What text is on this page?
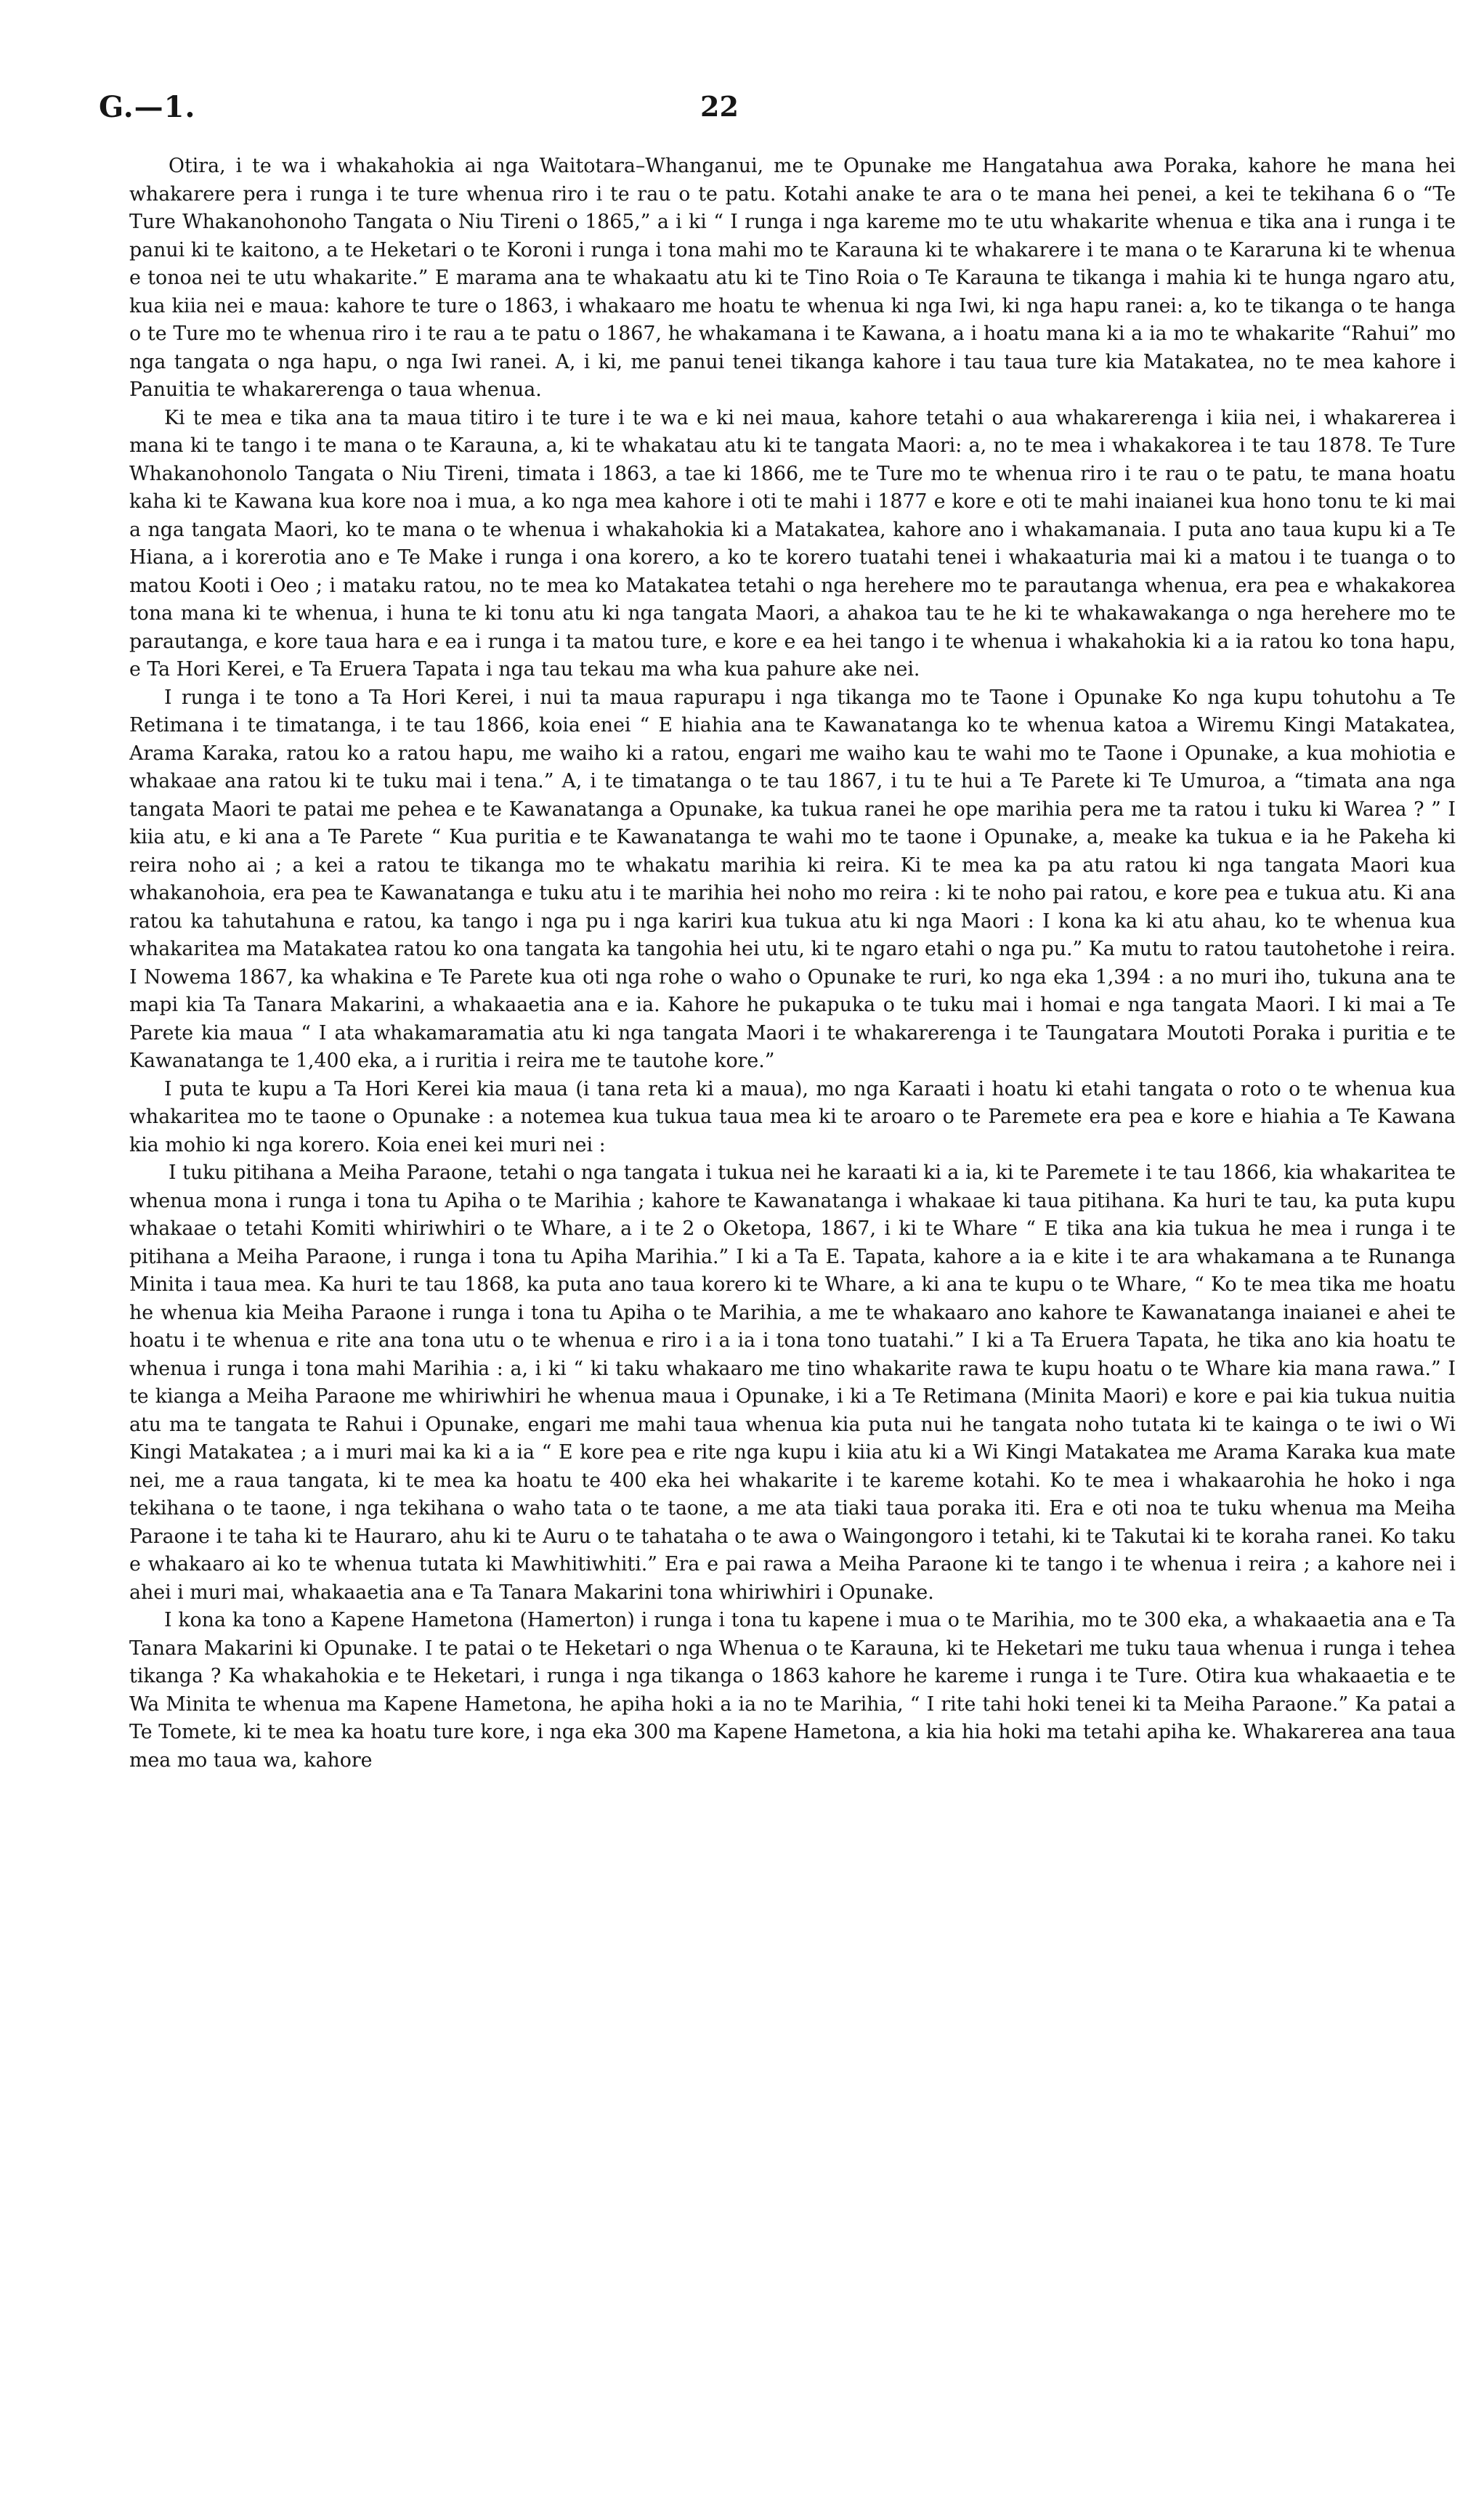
G.—1.	22

Otira, i te wa i whakahokia ai nga Waitotara–Whanganui, me te Opunake me Hangatahua awa Poraka, kahore he mana hei whakarere pera i runga i te ture whenua riro i te rau o te patu. Kotahi anake te ara o te mana hei penei, a kei te tekihana 6 o “Te Ture Whakanohonoho Tangata o Niu Tireni o 1865,” a i ki “ I runga i nga kareme mo te utu whakarite whenua e tika ana i runga i te panui ki te kaitono, a te Heketari o te Koroni i runga i tona mahi mo te Karauna ki te whakarere i te mana o te Kararuna ki te whenua e tonoa nei te utu whakarite.” E marama ana te whakaatu atu ki te Tino Roia o Te Karauna te tikanga i mahia ki te hunga ngaro atu, kua kiia nei e maua: kahore te ture o 1863, i whakaaro me hoatu te whenua ki nga Iwi, ki nga hapu ranei: a, ko te tikanga o te hanga o te Ture mo te whenua riro i te rau a te patu o 1867, he whakamana i te Kawana, a i hoatu mana ki a ia mo te whakarite “Rahui” mo nga tangata o nga hapu, o nga Iwi ranei. A, i ki, me panui tenei tikanga kahore i tau taua ture kia Matakatea, no te mea kahore i Panuitia te whakarerenga o taua whenua.

Ki te mea e tika ana ta maua titiro i te ture i te wa e ki nei maua, kahore tetahi o aua whakarerenga i kiia nei, i whakarerea i mana ki te tango i te mana o te Karauna, a, ki te whakatau atu ki te tangata Maori: a, no te mea i whakakorea i te tau 1878. Te Ture Whakanohonolo Tangata o Niu Tireni, timata i 1863, a tae ki 1866, me te Ture mo te whenua riro i te rau o te patu, te mana hoatu kaha ki te Kawana kua kore noa i mua, a ko nga mea kahore i oti te mahi i 1877 e kore e oti te mahi inaianei kua hono tonu te ki mai a nga tangata Maori, ko te mana o te whenua i whakahokia ki a Matakatea, kahore ano i whakamanaia. I puta ano taua kupu ki a Te Hiana, a i korerotia ano e Te Make i runga i ona korero, a ko te korero tuatahi tenei i whakaaturia mai ki a matou i te tuanga o to matou Kooti i Oeo ; i mataku ratou, no te mea ko Matakatea tetahi o nga herehere mo te parautanga whenua, era pea e whakakorea tona mana ki te whenua, i huna te ki tonu atu ki nga tangata Maori, a ahakoa tau te he ki te whakawakanga o nga herehere mo te parautanga, e kore taua hara e ea i runga i ta matou ture, e kore e ea hei tango i te whenua i whakahokia ki a ia ratou ko tona hapu, e Ta Hori Kerei, e Ta Eruera Tapata i nga tau tekau ma wha kua pahure ake nei.

I runga i te tono a Ta Hori Kerei, i nui ta maua rapurapu i nga tikanga mo te Taone i Opunake Ko nga kupu tohutohu a Te Retimana i te timatanga, i te tau 1866, koia enei “ E hiahia ana te Kawanatanga ko te whenua katoa a Wiremu Kingi Matakatea, Arama Karaka, ratou ko a ratou hapu, me waiho ki a ratou, engari me waiho kau te wahi mo te Taone i Opunake, a kua mohiotia e whakaae ana ratou ki te tuku mai i tena.” A, i te timatanga o te tau 1867, i tu te hui a Te Parete ki Te Umuroa, a “timata ana nga tangata Maori te patai me pehea e te Kawanatanga a Opunake, ka tukua ranei he ope marihia pera me ta ratou i tuku ki Warea ? ” I kiia atu, e ki ana a Te Parete “ Kua puritia e te Kawanatanga te wahi mo te taone i Opunake, a, meake ka tukua e ia he Pakeha ki reira noho ai ; a kei a ratou te tikanga mo te whakatu marihia ki reira. Ki te mea ka pa atu ratou ki nga tangata Maori kua whakanohoia, era pea te Kawanatanga e tuku atu i te marihia hei noho mo reira : ki te noho pai ratou, e kore pea e tukua atu. Ki ana ratou ka tahutahuna e ratou, ka tango i nga pu i nga kariri kua tukua atu ki nga Maori : I kona ka ki atu ahau, ko te whenua kua whakaritea ma Matakatea ratou ko ona tangata ka tangohia hei utu, ki te ngaro etahi o nga pu.” Ka mutu to ratou tautohetohe i reira. I Nowema 1867, ka whakina e Te Parete kua oti nga rohe o waho o Opunake te ruri, ko nga eka 1,394 : a no muri iho, tukuna ana te mapi kia Ta Tanara Makarini, a whakaaetia ana e ia. Kahore he pukapuka o te tuku mai i homai e nga tangata Maori. I ki mai a Te Parete kia maua “ I ata whakamaramatia atu ki nga tangata Maori i te whakarerenga i te Taungatara Moutoti Poraka i puritia e te Kawanatanga te 1,400 eka, a i ruritia i reira me te tautohe kore.”

I puta te kupu a Ta Hori Kerei kia maua (i tana reta ki a maua), mo nga Karaati i hoatu ki etahi tangata o roto o te whenua kua whakaritea mo te taone o Opunake : a notemea kua tukua taua mea ki te aroaro o te Paremete era pea e kore e hiahia a Te Kawana kia mohio ki nga korero. Koia enei kei muri nei :

I tuku pitihana a Meiha Paraone, tetahi o nga tangata i tukua nei he karaati ki a ia, ki te Paremete i te tau 1866, kia whakaritea te whenua mona i runga i tona tu Apiha o te Marihia ; kahore te Kawanatanga i whakaae ki taua pitihana. Ka huri te tau, ka puta kupu whakaae o tetahi Komiti whiriwhiri o te Whare, a i te 2 o Oketopa, 1867, i ki te Whare “ E tika ana kia tukua he mea i runga i te pitihana a Meiha Paraone, i runga i tona tu Apiha Marihia.” I ki a Ta E. Tapata, kahore a ia e kite i te ara whakamana a te Runanga Minita i taua mea. Ka huri te tau 1868, ka puta ano taua korero ki te Whare, a ki ana te kupu o te Whare, “ Ko te mea tika me hoatu he whenua kia Meiha Paraone i runga i tona tu Apiha o te Marihia, a me te whakaaro ano kahore te Kawanatanga inaianei e ahei te hoatu i te whenua e rite ana tona utu o te whenua e riro i a ia i tona tono tuatahi.” I ki a Ta Eruera Tapata, he tika ano kia hoatu te whenua i runga i tona mahi Marihia : a, i ki “ ki taku whakaaro me tino whakarite rawa te kupu hoatu o te Whare kia mana rawa.” I te kianga a Meiha Paraone me whiriwhiri he whenua maua i Opunake, i ki a Te Retimana (Minita Maori) e kore e pai kia tukua nuitia atu ma te tangata te Rahui i Opunake, engari me mahi taua whenua kia puta nui he tangata noho tutata ki te kainga o te iwi o Wi Kingi Matakatea ; a i muri mai ka ki a ia “ E kore pea e rite nga kupu i kiia atu ki a Wi Kingi Matakatea me Arama Karaka kua mate nei, me a raua tangata, ki te mea ka hoatu te 400 eka hei whakarite i te kareme kotahi. Ko te mea i whakaarohia he hoko i nga tekihana o te taone, i nga tekihana o waho tata o te taone, a me ata tiaki taua poraka iti. Era e oti noa te tuku whenua ma Meiha Paraone i te taha ki te Hauraro, ahu ki te Auru o te tahataha o te awa o Waingongoro i tetahi, ki te Takutai ki te koraha ranei. Ko taku e whakaaro ai ko te whenua tutata ki Mawhitiwhiti.” Era e pai rawa a Meiha Paraone ki te tango i te whenua i reira ; a kahore nei i ahei i muri mai, whakaaetia ana e Ta Tanara Makarini tona whiriwhiri i Opunake.

I kona ka tono a Kapene Hametona (Hamerton) i runga i tona tu kapene i mua o te Marihia, mo te 300 eka, a whakaaetia ana e Ta Tanara Makarini ki Opunake. I te patai o te Heketari o nga Whenua o te Karauna, ki te Heketari me tuku taua whenua i runga i tehea tikanga ? Ka whakahokia e te Heketari, i runga i nga tikanga o 1863 kahore he kareme i runga i te Ture. Otira kua whakaaetia e te Wa Minita te whenua ma Kapene Hametona, he apiha hoki a ia no te Marihia, “ I rite tahi hoki tenei ki ta Meiha Paraone.” Ka patai a Te Tomete, ki te mea ka hoatu ture kore, i nga eka 300 ma Kapene Hametona, a kia hia hoki ma tetahi apiha ke. Whakarerea ana taua mea mo taua wa, kahore
